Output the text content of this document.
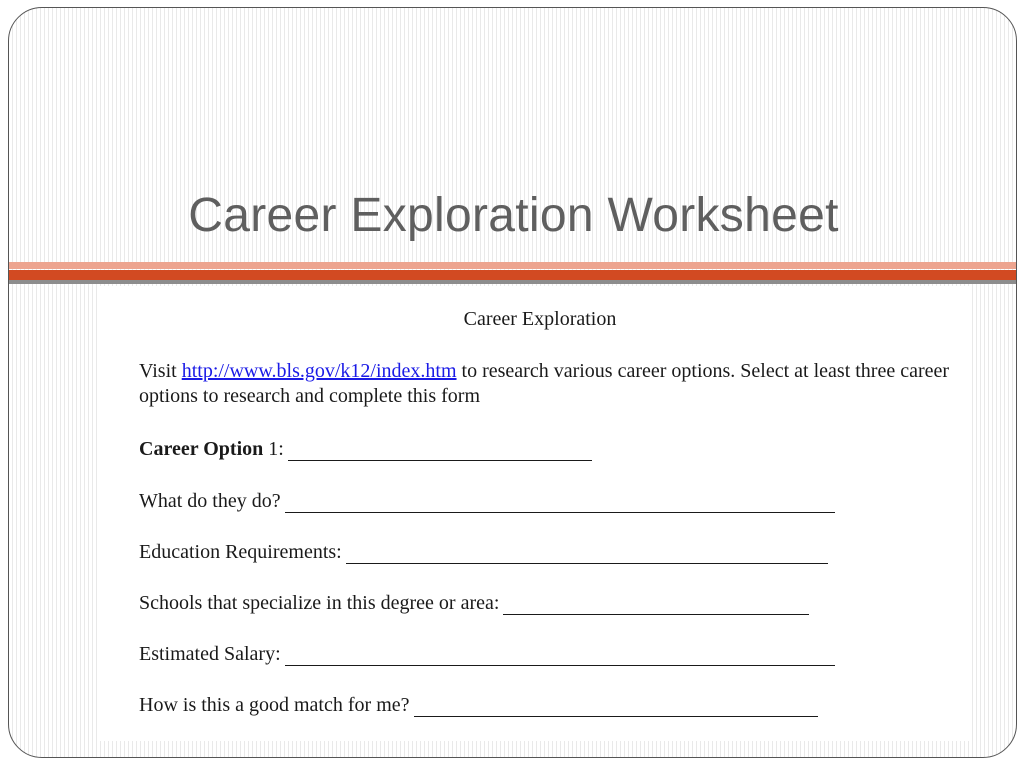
Career Exploration Worksheet
Career Exploration
Visit http://www.bls.gov/k12/index.htm to research various career options. Select at least three career options to research and complete this form
Career Option 1:
What do they do?
Education Requirements:
Schools that specialize in this degree or area:
Estimated Salary:
How is this a good match for me?
